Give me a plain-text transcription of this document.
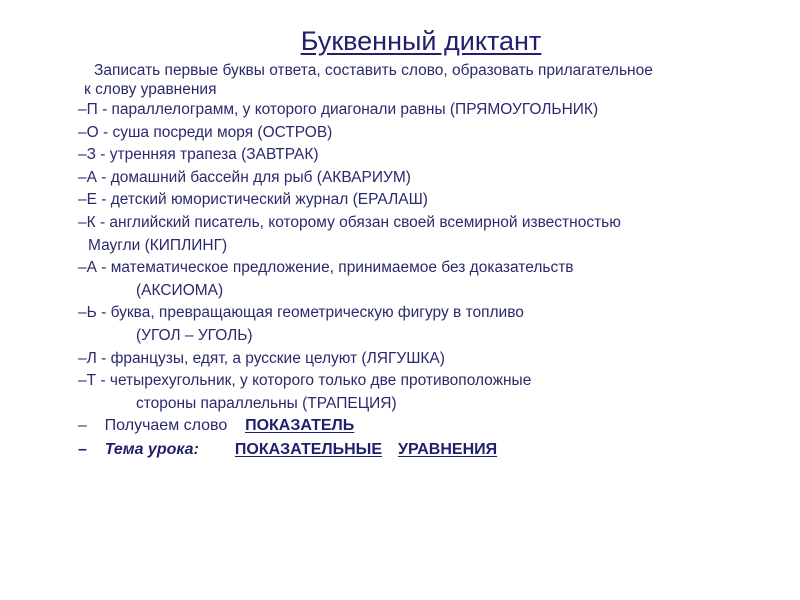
Буквенный диктант
Записать первые буквы ответа, составить слово, образовать прилагательное
к слову уравнения
–П - параллелограмм, у которого диагонали равны (ПРЯМОУГОЛЬНИК)
–О - суша посреди моря (ОСТРОВ)
–З - утренняя трапеза (ЗАВТРАК)
–А - домашний бассейн для рыб (АКВАРИУМ)
–Е - детский юмористический журнал (ЕРАЛАШ)
–К - английский писатель, которому обязан своей всемирной известностью
Маугли (КИПЛИНГ)
–А - математическое предложение, принимаемое без доказательств
(АКСИОМА)
–Ь - буква, превращающая геометрическую фигуру в топливо
(УГОЛ – УГОЛЬ)
–Л - французы, едят, а русские целуют (ЛЯГУШКА)
–Т - четырехугольник, у которого только две противоположные
стороны параллельны (ТРАПЕЦИЯ)
–    Получаем слово    ПОКАЗАТЕЛЬ
–    Тема урока: ПОКАЗАТЕЛЬНЫЕ УРАВНЕНИЯ
